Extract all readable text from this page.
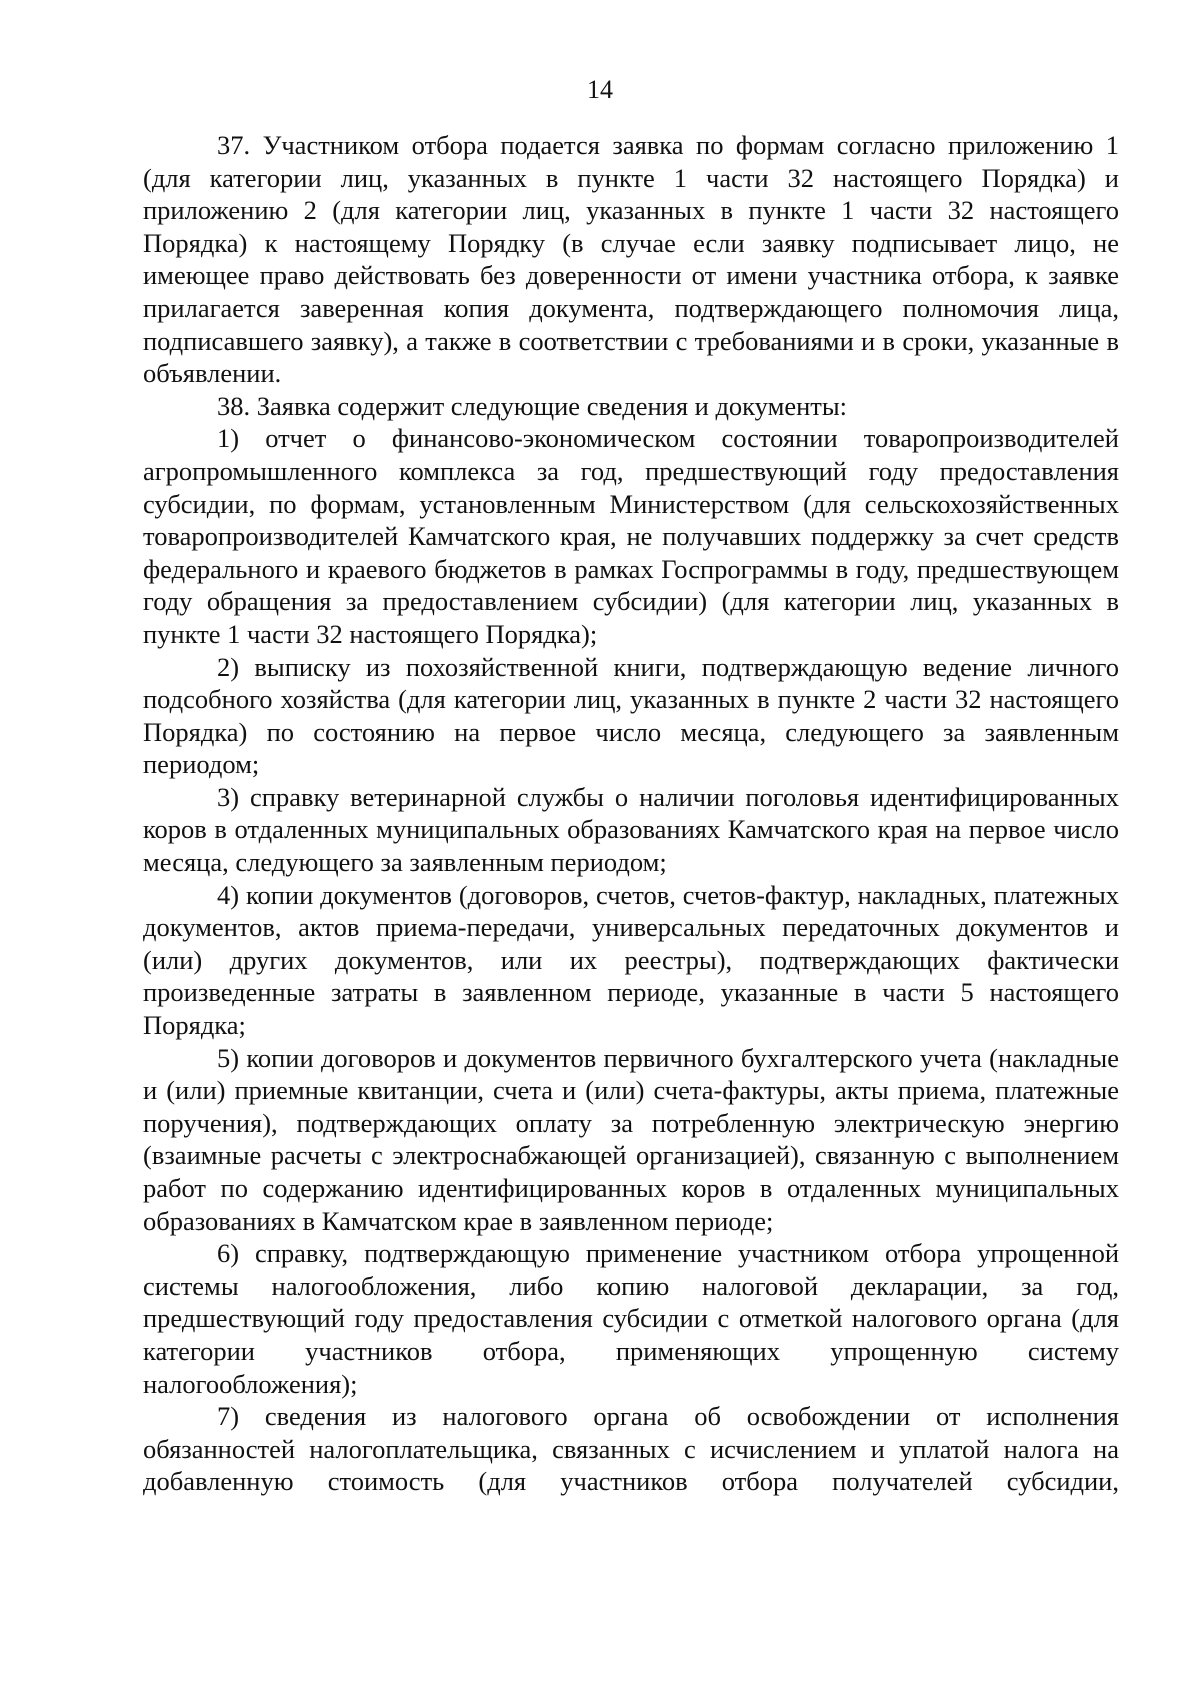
14

37. Участником отбора подается заявка по формам согласно приложению 1 (для категории лиц, указанных в пункте 1 части 32 настоящего Порядка) и приложению 2 (для категории лиц, указанных в пункте 1 части 32 настоящего Порядка) к настоящему Порядку (в случае если заявку подписывает лицо, не имеющее право действовать без доверенности от имени участника отбора, к заявке прилагается заверенная копия документа, подтверждающего полномочия лица, подписавшего заявку), а также в соответствии с требованиями и в сроки, указанные в объявлении.

38. Заявка содержит следующие сведения и документы:

1) отчет о финансово-экономическом состоянии товаропроизводителей агропромышленного комплекса за год, предшествующий году предоставления субсидии, по формам, установленным Министерством (для сельскохозяйственных товаропроизводителей Камчатского края, не получавших поддержку за счет средств федерального и краевого бюджетов в рамках Госпрограммы в году, предшествующем году обращения за предоставлением субсидии) (для категории лиц, указанных в пункте 1 части 32 настоящего Порядка);

2) выписку из похозяйственной книги, подтверждающую ведение личного подсобного хозяйства (для категории лиц, указанных в пункте 2 части 32 настоящего Порядка) по состоянию на первое число месяца, следующего за заявленным периодом;

3) справку ветеринарной службы о наличии поголовья идентифицированных коров в отдаленных муниципальных образованиях Камчатского края на первое число месяца, следующего за заявленным периодом;

4) копии документов (договоров, счетов, счетов-фактур, накладных, платежных документов, актов приема-передачи, универсальных передаточных документов и (или) других документов, или их реестры), подтверждающих фактически произведенные затраты в заявленном периоде, указанные в части 5 настоящего Порядка;

5) копии договоров и документов первичного бухгалтерского учета (накладные и (или) приемные квитанции, счета и (или) счета-фактуры, акты приема, платежные поручения), подтверждающих оплату за потребленную электрическую энергию (взаимные расчеты с электроснабжающей организацией), связанную с выполнением работ по содержанию идентифицированных коров в отдаленных муниципальных образованиях в Камчатском крае в заявленном периоде;

6) справку, подтверждающую применение участником отбора упрощенной системы налогообложения, либо копию налоговой декларации, за год, предшествующий году предоставления субсидии с отметкой налогового органа (для категории участников отбора, применяющих упрощенную систему налогообложения);

7) сведения из налогового органа об освобождении от исполнения обязанностей налогоплательщика, связанных с исчислением и уплатой налога на добавленную стоимость (для участников отбора получателей субсидии,
